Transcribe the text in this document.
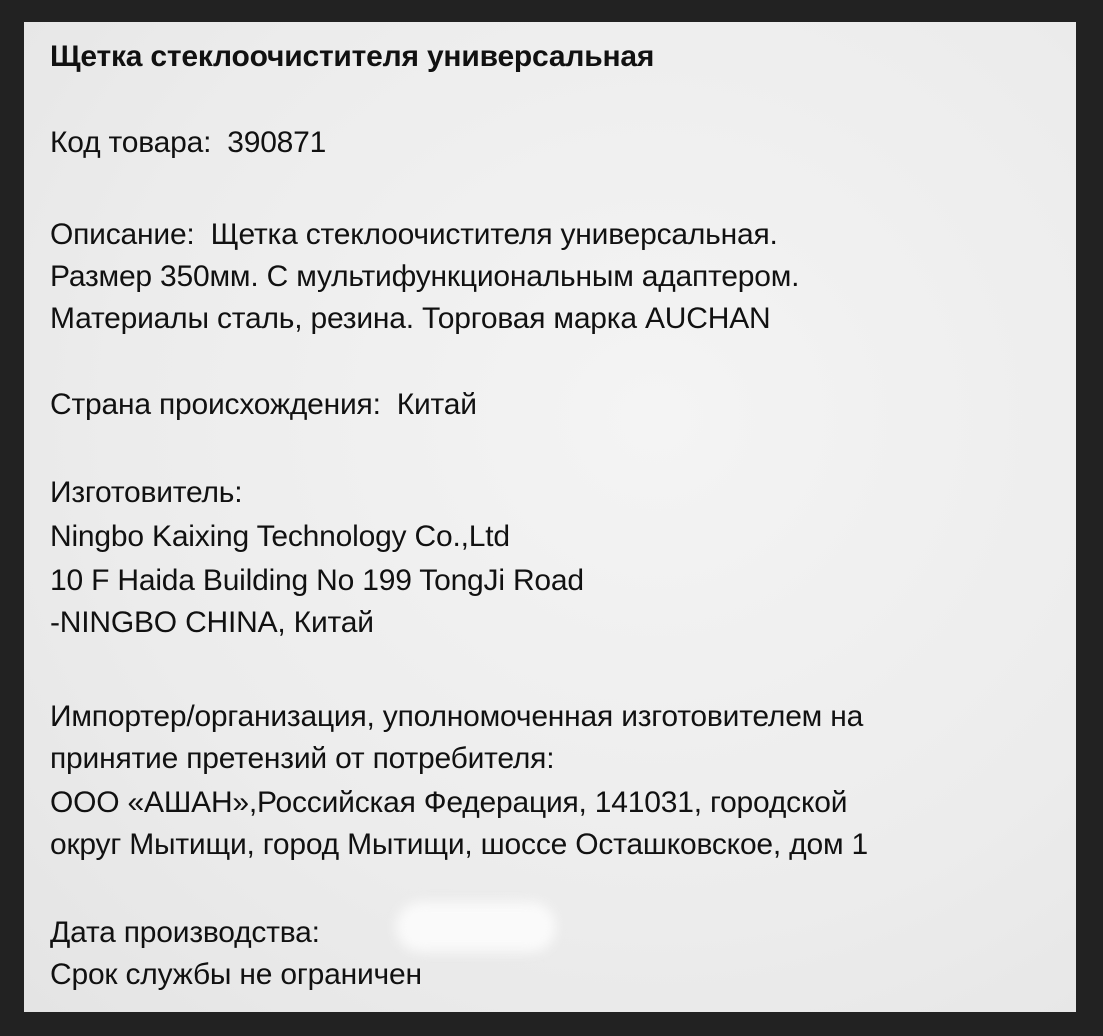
Щетка стеклоочистителя универсальная
Код товара: 390871
Описание: Щетка стеклоочистителя универсальная.
Размер 350мм. С мультифункциональным адаптером.
Материалы сталь, резина. Торговая марка AUCHAN
Страна происхождения: Китай
Изготовитель:
Ningbo Kaixing Technology Co.,Ltd
10 F Haida Building No 199 TongJi Road
-NINGBO CHINA, Китай
Импортер/организация, уполномоченная изготовителем на
принятие претензий от потребителя:
ООО «АШАН»,Российская Федерация, 141031, городской
округ Мытищи, город Мытищи, шоссе Осташковское, дом 1
Дата производства:
Срок службы не ограничен
